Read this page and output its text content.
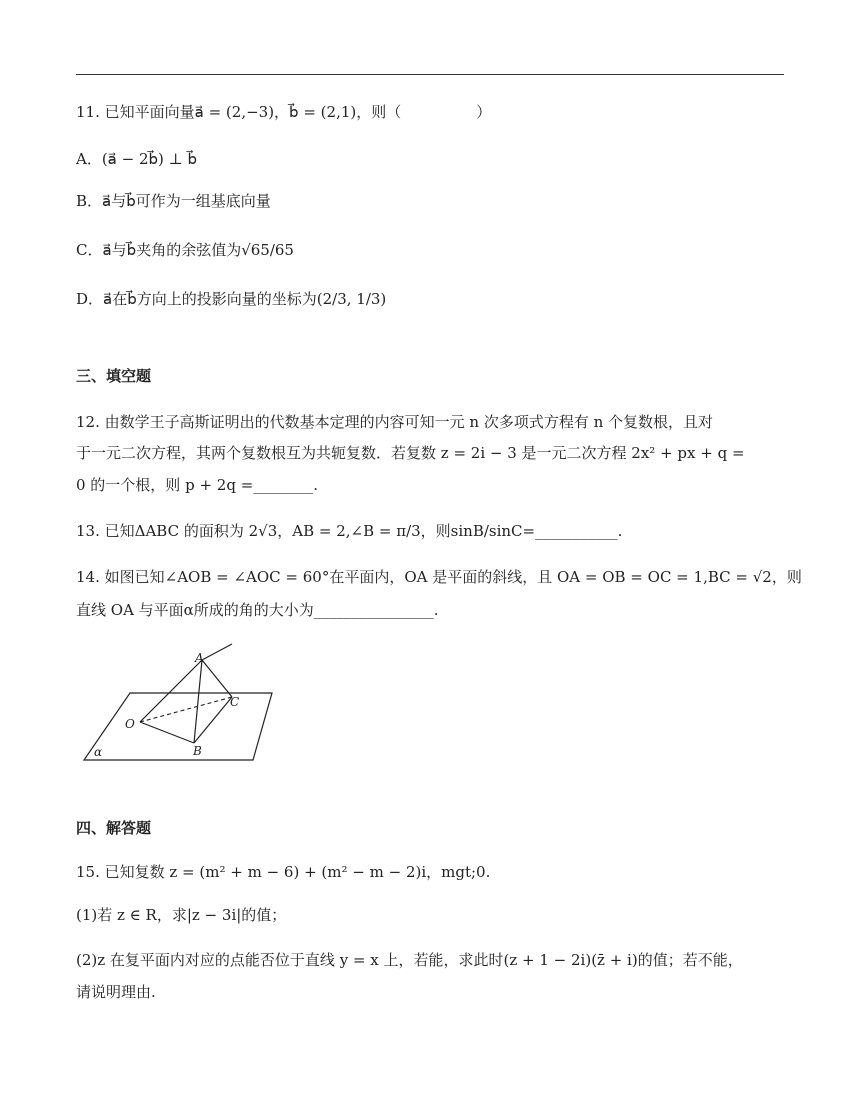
11. 已知平面向量a⃗ = (2,−3)，b⃗ = (2,1)，则（　　　　　）
A．(a⃗ − 2b⃗) ⊥ b⃗
B．a⃗与b⃗可作为一组基底向量
C．a⃗与b⃗夹角的余弦值为√65/65
D．a⃗在b⃗方向上的投影向量的坐标为(2/3, 1/3)
三、填空题
12. 由数学王子高斯证明出的代数基本定理的内容可知一元 n 次多项式方程有 n 个复数根，且对
于一元二次方程，其两个复数根互为共轭复数．若复数 z = 2i − 3 是一元二次方程 2x² + px + q =
0 的一个根，则 p + 2q =________.
13. 已知ΔABC 的面积为 2√3，AB = 2,∠B = π/3，则sinB/sinC=___________.
14. 如图已知∠AOB = ∠AOC = 60°在平面内，OA 是平面的斜线，且 OA = OB = OC = 1,BC = √2，则
直线 OA 与平面α所成的角的大小为________________.
A
B
C
O
α
四、解答题
15. 已知复数 z = (m² + m − 6) + (m² − m − 2)i，mgt;0.
(1)若 z ∈ R，求|z − 3i|的值；
(2)z 在复平面内对应的点能否位于直线 y = x 上，若能，求此时(z + 1 − 2i)(z̄ + i)的值；若不能，
请说明理由.
